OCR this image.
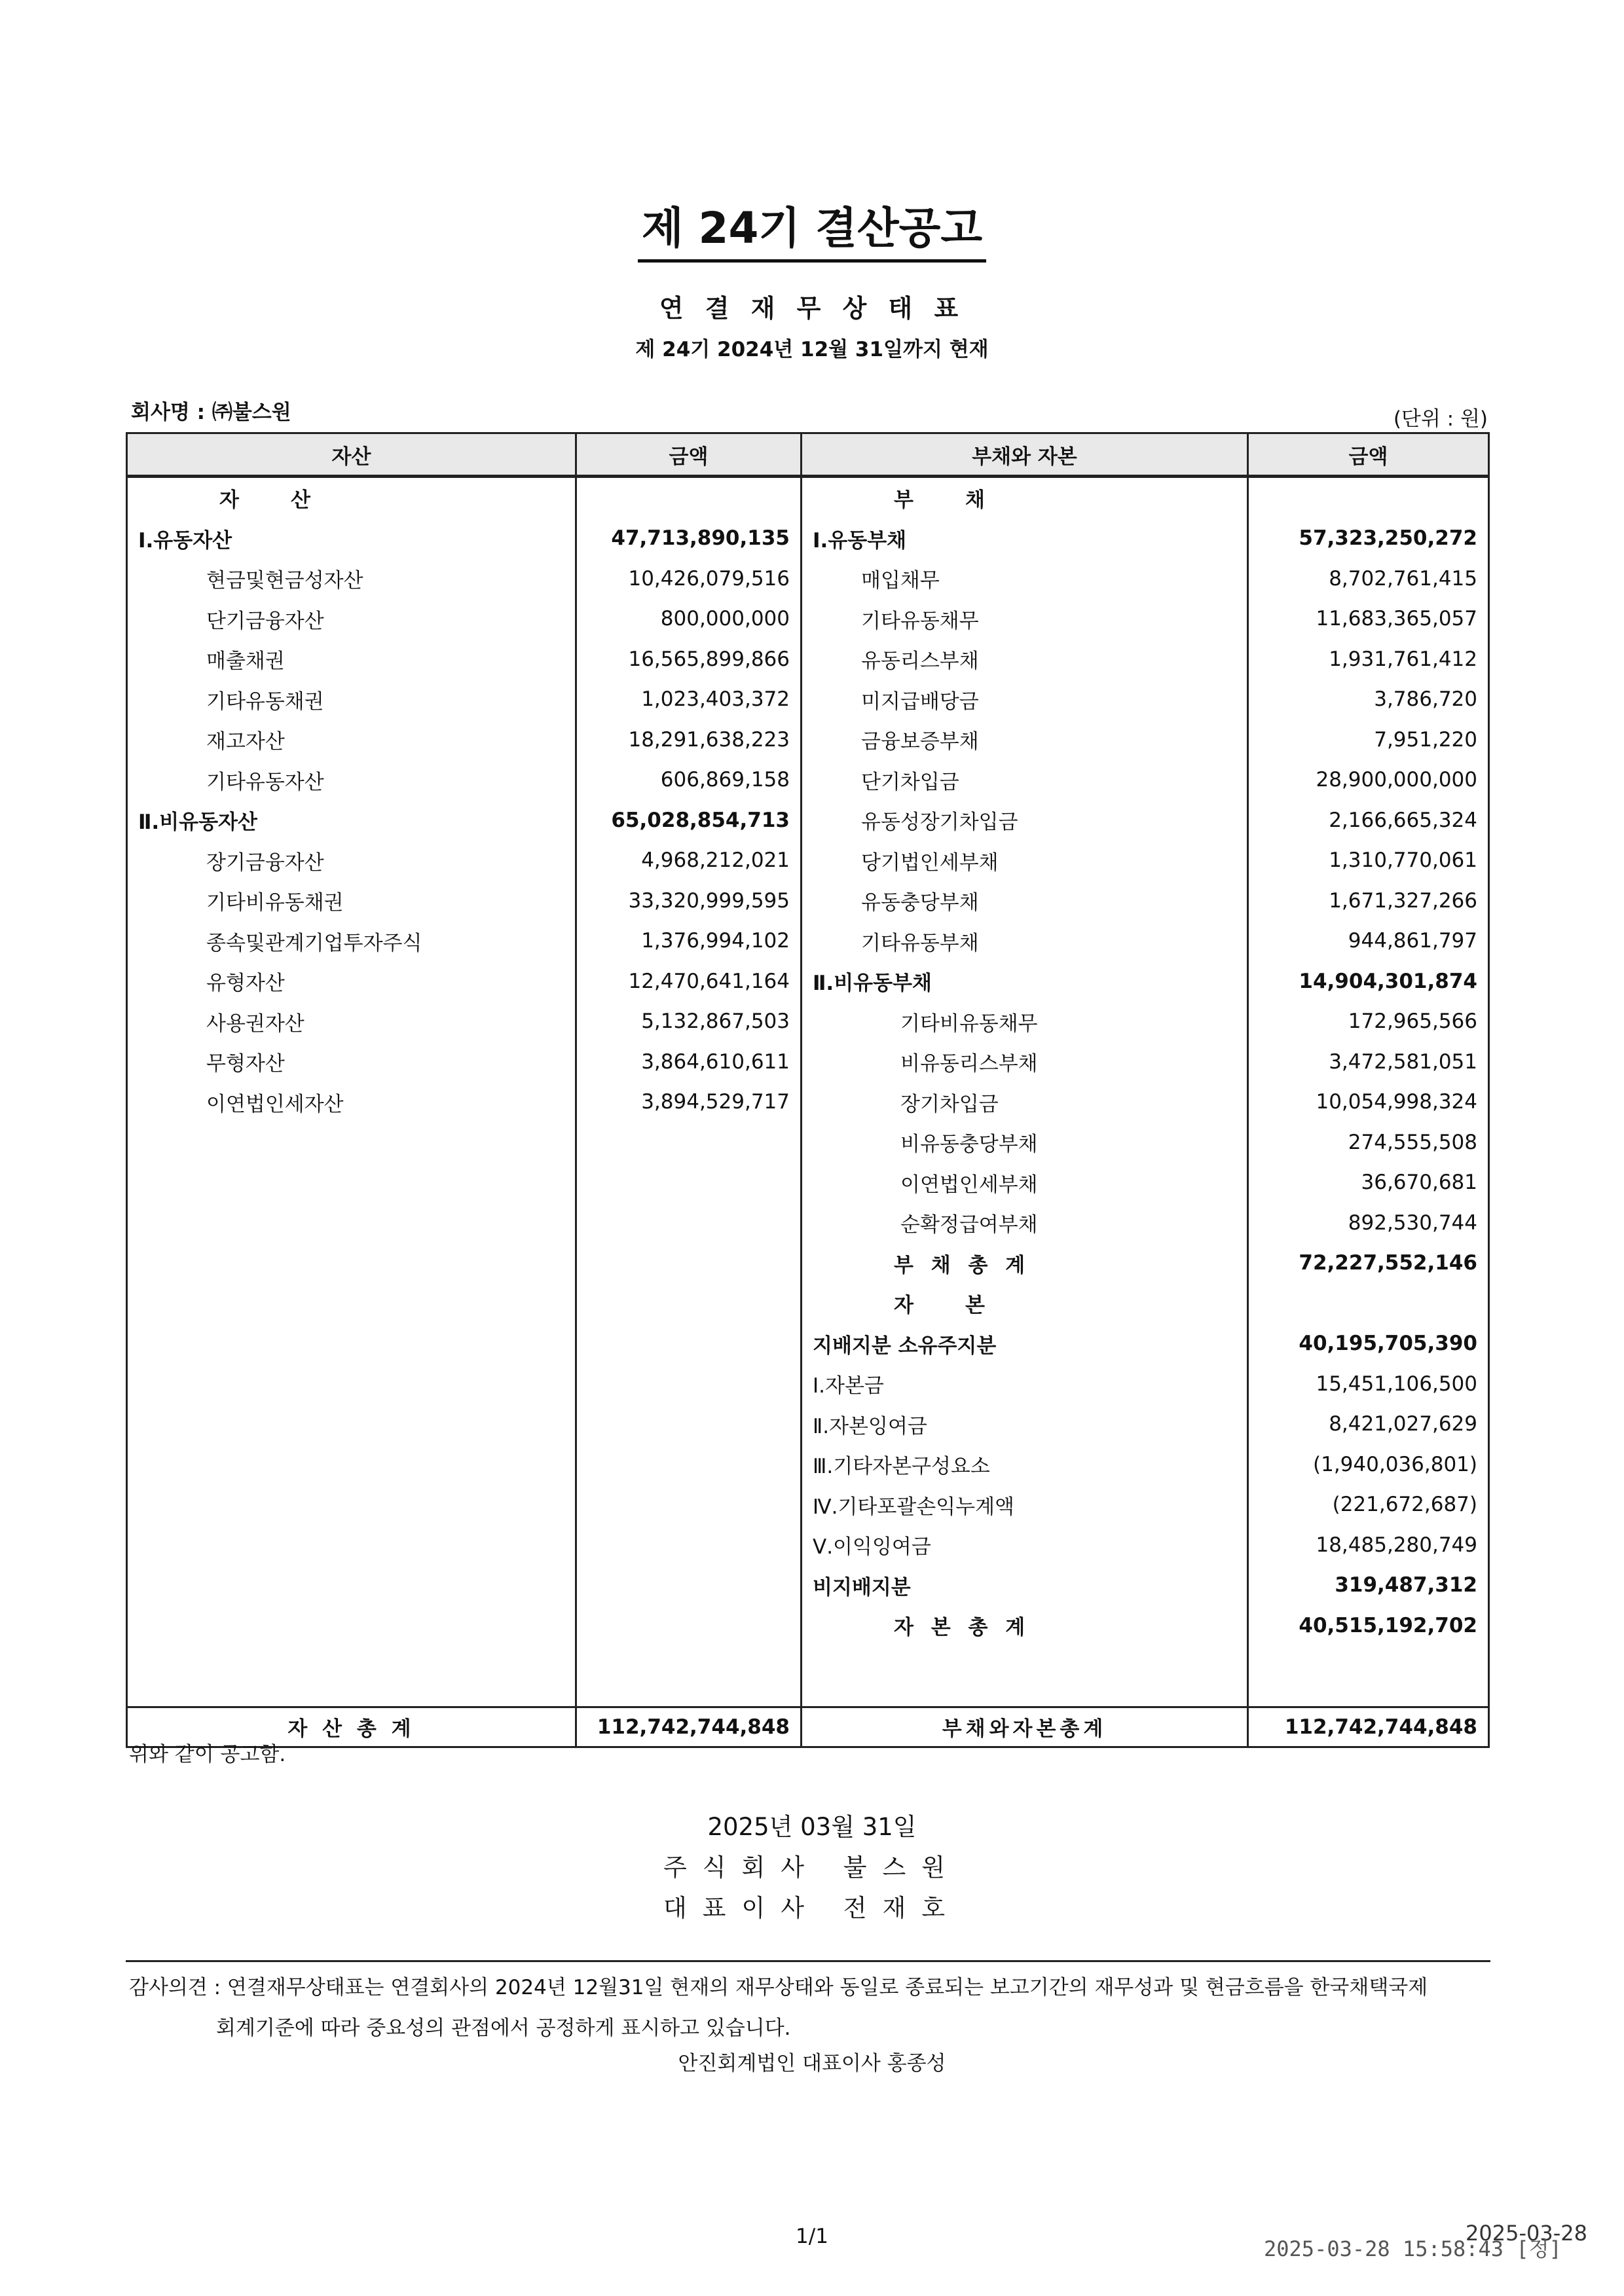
제 24기 결산공고
연 결 재 무 상 태 표
제 24기 2024년 12월 31일까지 현재
회사명 : ㈜불스원	(단위 : 원)
자산	금액	부채와 자본	금액
자　산		부　채	
Ⅰ.유동자산	47,713,890,135	Ⅰ.유동부채	57,323,250,272
현금및현금성자산	10,426,079,516	매입채무	8,702,761,415
단기금융자산	800,000,000	기타유동채무	11,683,365,057
매출채권	16,565,899,866	유동리스부채	1,931,761,412
기타유동채권	1,023,403,372	미지급배당금	3,786,720
재고자산	18,291,638,223	금융보증부채	7,951,220
기타유동자산	606,869,158	단기차입금	28,900,000,000
Ⅱ.비유동자산	65,028,854,713	유동성장기차입금	2,166,665,324
장기금융자산	4,968,212,021	당기법인세부채	1,310,770,061
기타비유동채권	33,320,999,595	유동충당부채	1,671,327,266
종속및관계기업투자주식	1,376,994,102	기타유동부채	944,861,797
유형자산	12,470,641,164	Ⅱ.비유동부채	14,904,301,874
사용권자산	5,132,867,503	기타비유동채무	172,965,566
무형자산	3,864,610,611	비유동리스부채	3,472,581,051
이연법인세자산	3,894,529,717	장기차입금	10,054,998,324
		비유동충당부채	274,555,508
		이연법인세부채	36,670,681
		순확정급여부채	892,530,744
		부 채 총 계	72,227,552,146
		자　본	
		지배지분 소유주지분	40,195,705,390
		Ⅰ.자본금	15,451,106,500
		Ⅱ.자본잉여금	8,421,027,629
		Ⅲ.기타자본구성요소	(1,940,036,801)
		Ⅳ.기타포괄손익누계액	(221,672,687)
		Ⅴ.이익잉여금	18,485,280,749
		비지배지분	319,487,312
		자 본 총 계	40,515,192,702

자 산 총 계	112,742,744,848	부채와자본총계	112,742,744,848
위와 같이 공고함.
2025년 03월 31일
주식회사 불스원
대표이사 전재호
감사의견 : 연결재무상태표는 연결회사의 2024년 12월31일 현재의 재무상태와 동일로 종료되는 보고기간의 재무성과 및 현금흐름을 한국채택국제
회계기준에 따라 중요성의 관점에서 공정하게 표시하고 있습니다.
안진회계법인 대표이사 홍종성
1/1	2025-03-28
2025-03-28 15:58:43 [정]
